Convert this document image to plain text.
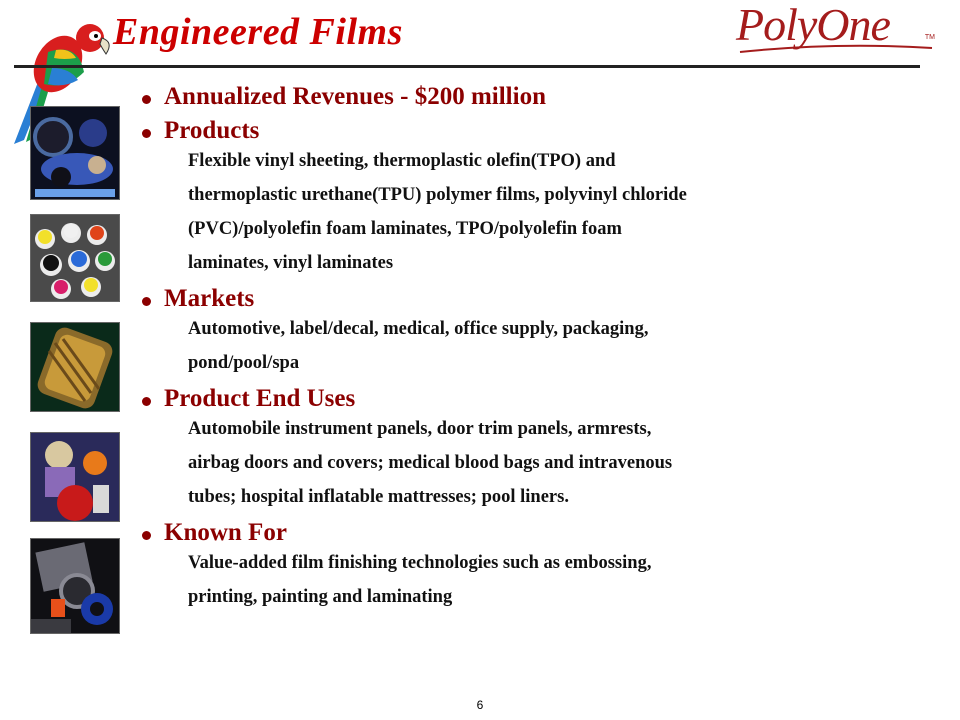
Engineered Films	PolyOne	TM
Annualized Revenues - $200 million
Products
Flexible vinyl sheeting, thermoplastic olefin(TPO) and
thermoplastic urethane(TPU) polymer films, polyvinyl chloride
(PVC)/polyolefin foam laminates, TPO/polyolefin foam
laminates, vinyl laminates
Markets
Automotive, label/decal, medical, office supply, packaging,
pond/pool/spa
Product End Uses
Automobile instrument panels, door trim panels, armrests,
airbag doors and covers; medical blood bags and intravenous
tubes; hospital inflatable mattresses; pool liners.
Known For
Value-added film finishing technologies such as embossing,
printing, painting and laminating
6
